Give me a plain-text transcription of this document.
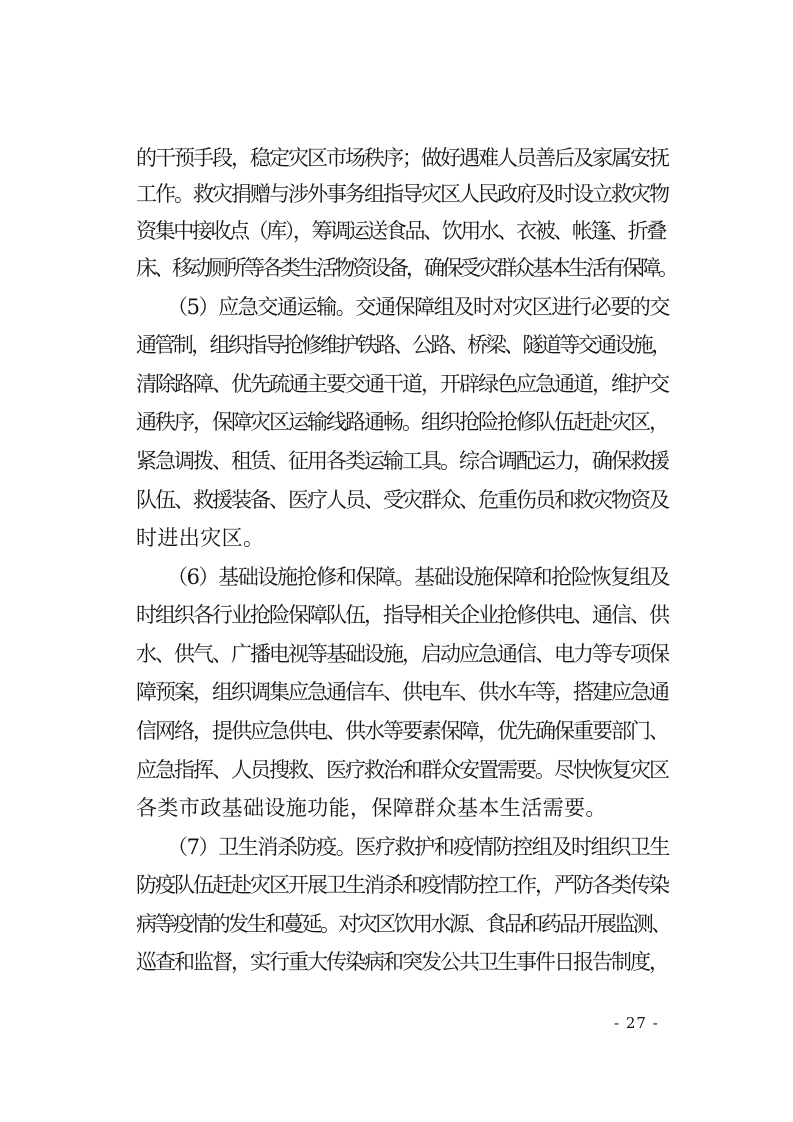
的干预手段，稳定灾区市场秩序；做好遇难人员善后及家属安抚
工作。救灾捐赠与涉外事务组指导灾区人民政府及时设立救灾物
资集中接收点（库），筹调运送食品、饮用水、衣被、帐篷、折叠
床、移动厕所等各类生活物资设备，确保受灾群众基本生活有保障。
（5）应急交通运输。交通保障组及时对灾区进行必要的交
通管制，组织指导抢修维护铁路、公路、桥梁、隧道等交通设施，
清除路障、优先疏通主要交通干道，开辟绿色应急通道，维护交
通秩序，保障灾区运输线路通畅。组织抢险抢修队伍赶赴灾区，
紧急调拨、租赁、征用各类运输工具。综合调配运力，确保救援
队伍、救援装备、医疗人员、受灾群众、危重伤员和救灾物资及
时进出灾区。
（6）基础设施抢修和保障。基础设施保障和抢险恢复组及
时组织各行业抢险保障队伍，指导相关企业抢修供电、通信、供
水、供气、广播电视等基础设施，启动应急通信、电力等专项保
障预案，组织调集应急通信车、供电车、供水车等，搭建应急通
信网络，提供应急供电、供水等要素保障，优先确保重要部门、
应急指挥、人员搜救、医疗救治和群众安置需要。尽快恢复灾区
各类市政基础设施功能，保障群众基本生活需要。
（7）卫生消杀防疫。医疗救护和疫情防控组及时组织卫生
防疫队伍赶赴灾区开展卫生消杀和疫情防控工作，严防各类传染
病等疫情的发生和蔓延。对灾区饮用水源、食品和药品开展监测、
巡查和监督，实行重大传染病和突发公共卫生事件日报告制度，
- 27 -
